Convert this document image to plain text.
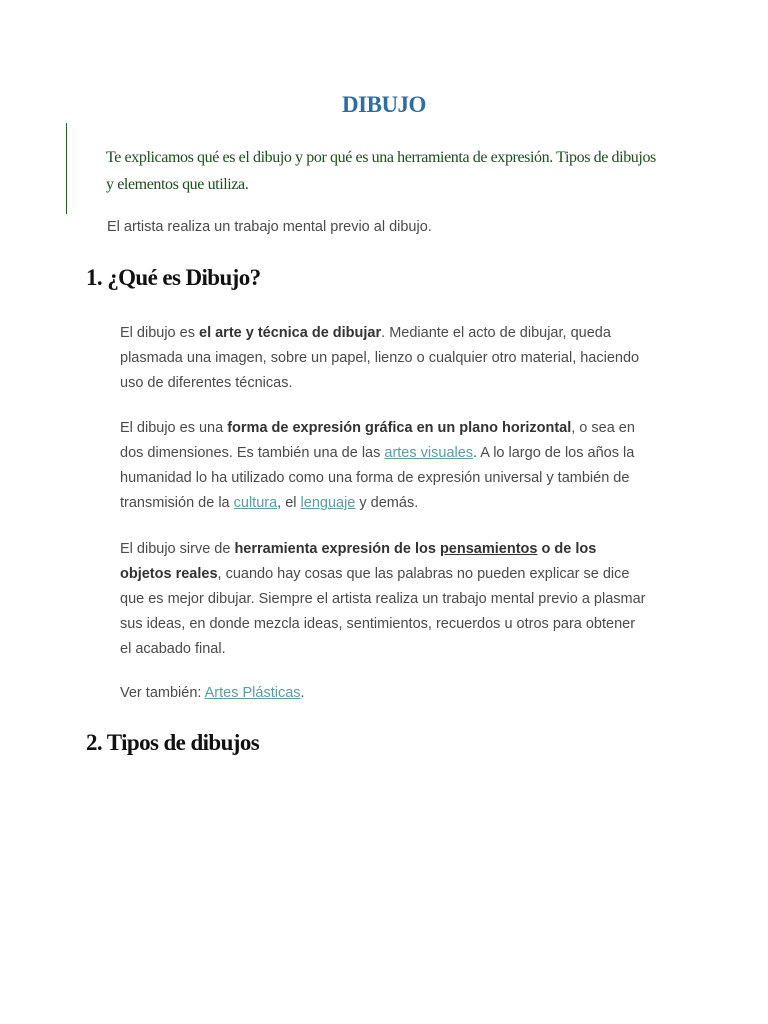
DIBUJO

Te explicamos qué es el dibujo y por qué es una herramienta de expresión. Tipos de dibujos y elementos que utiliza.

El artista realiza un trabajo mental previo al dibujo.

1. ¿Qué es Dibujo?

El dibujo es el arte y técnica de dibujar. Mediante el acto de dibujar, queda plasmada una imagen, sobre un papel, lienzo o cualquier otro material, haciendo uso de diferentes técnicas.

El dibujo es una forma de expresión gráfica en un plano horizontal, o sea en dos dimensiones. Es también una de las artes visuales. A lo largo de los años la humanidad lo ha utilizado como una forma de expresión universal y también de transmisión de la cultura, el lenguaje y demás.

El dibujo sirve de herramienta expresión de los pensamientos o de los objetos reales, cuando hay cosas que las palabras no pueden explicar se dice que es mejor dibujar. Siempre el artista realiza un trabajo mental previo a plasmar sus ideas, en donde mezcla ideas, sentimientos, recuerdos u otros para obtener el acabado final.

Ver también: Artes Plásticas.

2. Tipos de dibujos
